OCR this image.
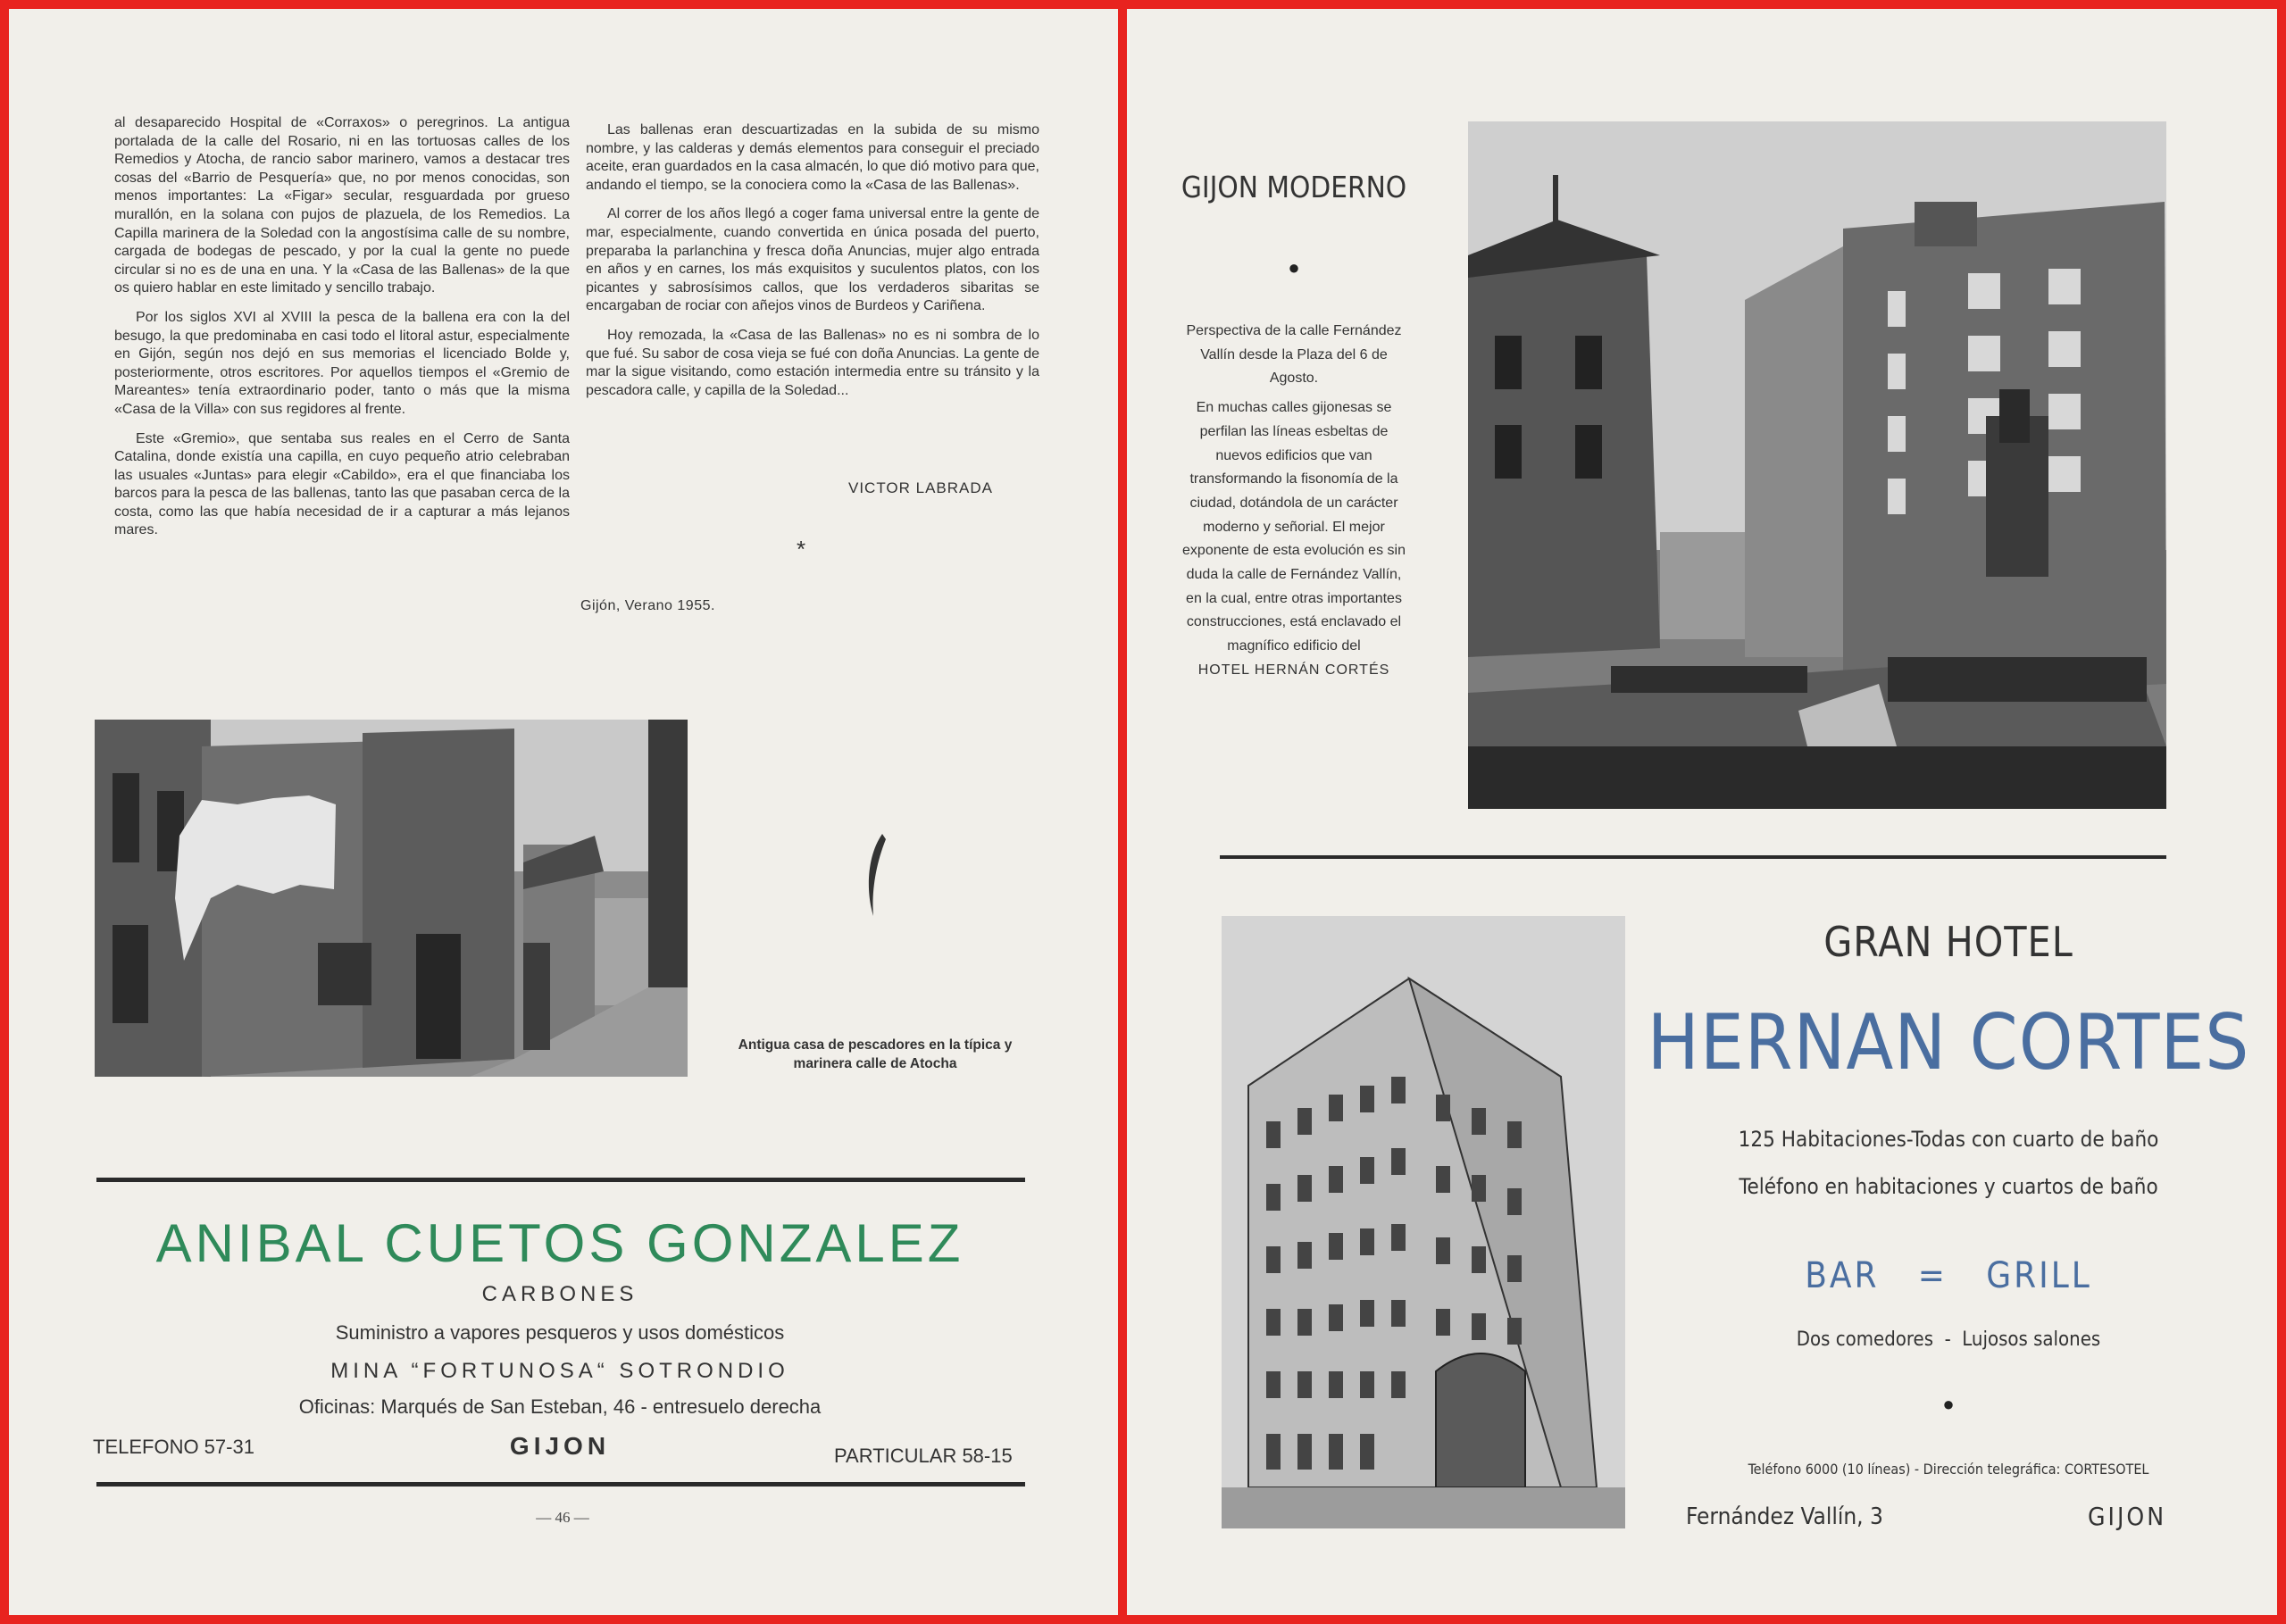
al desaparecido Hospital de «Corraxos» o peregrinos. La antigua portalada de la calle del Rosario, ni en las tortuosas calles de los Remedios y Atocha, de rancio sabor marinero, vamos a destacar tres cosas del «Barrio de Pesquería» que, no por menos conocidas, son menos importantes: La «Figar» secular, resguardada por grueso murallón, en la solana con pujos de plazuela, de los Remedios. La Capilla marinera de la Soledad con la angostísima calle de su nombre, cargada de bodegas de pescado, y por la cual la gente no puede circular si no es de una en una. Y la «Casa de las Ballenas» de la que os quiero hablar en este limitado y sencillo trabajo.

Por los siglos XVI al XVIII la pesca de la ballena era con la del besugo, la que predominaba en casi todo el litoral astur, especialmente en Gijón, según nos dejó en sus memorias el licenciado Bolde y, posteriormente, otros escritores. Por aquellos tiempos el «Gremio de Mareantes» tenía extraordinario poder, tanto o más que la misma «Casa de la Villa» con sus regidores al frente.

Este «Gremio», que sentaba sus reales en el Cerro de Santa Catalina, donde existía una capilla, en cuyo pequeño atrio celebraban las usuales «Juntas» para elegir «Cabildo», era el que financiaba los barcos para la pesca de las ballenas, tanto las que pasaban cerca de la costa, como las que había necesidad de ir a capturar a más lejanos mares.

Las ballenas eran descuartizadas en la subida de su mismo nombre, y las calderas y demás elementos para conseguir el preciado aceite, eran guardados en la casa almacén, lo que dió motivo para que, andando el tiempo, se la conociera como la «Casa de las Ballenas».

Al correr de los años llegó a coger fama universal entre la gente de mar, especialmente, cuando convertida en única posada del puerto, preparaba la parlanchina y fresca doña Anuncias, mujer algo entrada en años y en carnes, los más exquisitos y suculentos platos, con los picantes y sabrosísimos callos, que los verdaderos sibaritas se encargaban de rociar con añejos vinos de Burdeos y Cariñena.

Hoy remozada, la «Casa de las Ballenas» no es ni sombra de lo que fué. Su sabor de cosa vieja se fué con doña Anuncias. La gente de mar la sigue visitando, como estación intermedia entre su tránsito y la pescadora calle, y capilla de la Soledad...

VICTOR LABRADA
*
Gijón, Verano 1955.
Antigua casa de pescadores en la típica y marinera calle de Atocha
ANIBAL CUETOS GONZALEZ
CARBONES
Suministro a vapores pesqueros y usos domésticos
MINA “FORTUNOSA“ SOTRONDIO
Oficinas: Marqués de San Esteban, 46 - entresuelo derecha
TELEFONO 57-31	GIJON	PARTICULAR 58-15
— 46 —
GIJON MODERNO
●

Perspectiva de la calle Fernández Vallín desde la Plaza del 6 de Agosto.

En muchas calles gijonesas se perfilan las líneas esbeltas de nuevos edificios que van transformando la fisonomía de la ciudad, dotándola de un carácter moderno y señorial. El mejor exponente de esta evolución es sin duda la calle de Fernández Vallín, en la cual, entre otras importantes construcciones, está enclavado el magnífico edificio del

HOTEL HERNÁN CORTÉS

GRAN HOTEL
HERNAN CORTES
125 Habitaciones-Todas con cuarto de baño
Teléfono en habitaciones y cuartos de baño
BAR   =   GRILL
Dos comedores  -  Lujosos salones
●
Teléfono 6000 (10 líneas) - Dirección telegráfica: CORTESOTEL
Fernández Vallín, 3	GIJON
